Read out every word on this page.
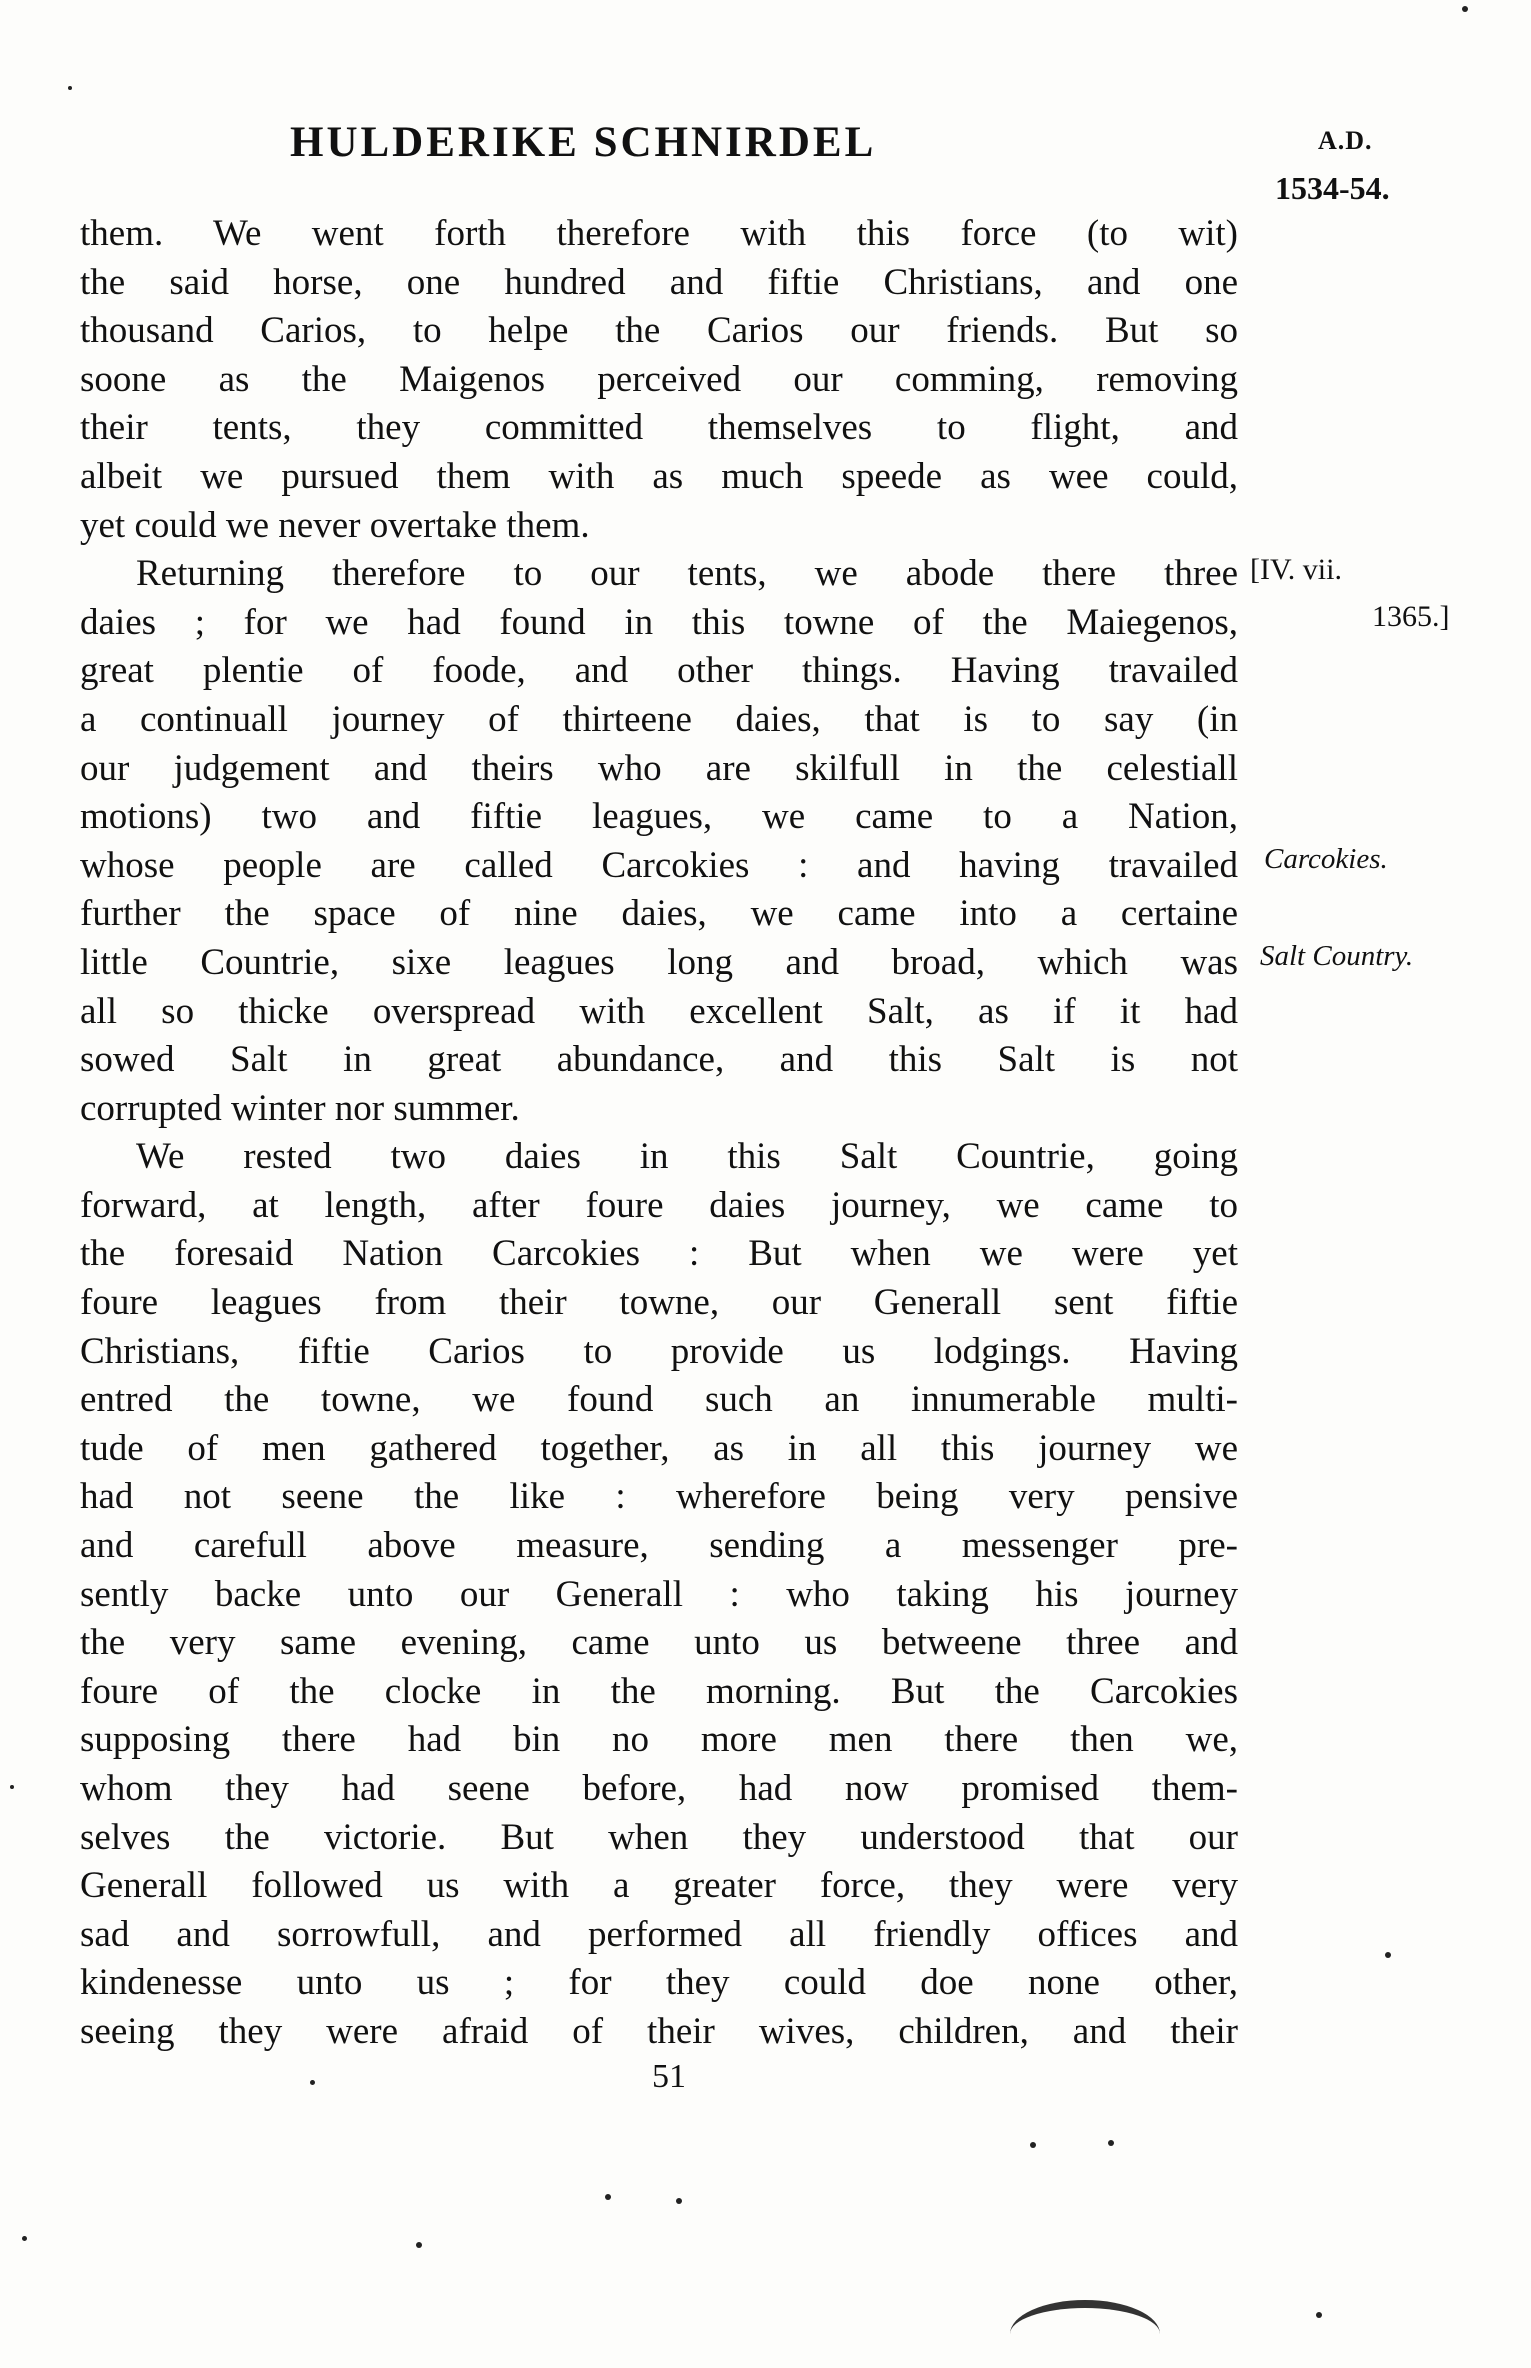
HULDERIKE SCHNIRDEL	A.D.
1534-54.
them. We went forth therefore with this force (to wit)
the said horse, one hundred and fiftie Christians, and one
thousand Carios, to helpe the Carios our friends. But so
soone as the Maigenos perceived our comming, removing
their tents, they committed themselves to flight, and
albeit we pursued them with as much speede as wee could,
yet could we never overtake them.
Returning therefore to our tents, we abode there three
daies ; for we had found in this towne of the Maiegenos,
great plentie of foode, and other things. Having travailed
a continuall journey of thirteene daies, that is to say (in
our judgement and theirs who are skilfull in the celestiall
motions) two and fiftie leagues, we came to a Nation,
whose people are called Carcokies : and having travailed
further the space of nine daies, we came into a certaine
little Countrie, sixe leagues long and broad, which was
all so thicke overspread with excellent Salt, as if it had
sowed Salt in great abundance, and this Salt is not
corrupted winter nor summer.
We rested two daies in this Salt Countrie, going
forward, at length, after foure daies journey, we came to
the foresaid Nation Carcokies : But when we were yet
foure leagues from their towne, our Generall sent fiftie
Christians, fiftie Carios to provide us lodgings. Having
entred the towne, we found such an innumerable multi-
tude of men gathered together, as in all this journey we
had not seene the like : wherefore being very pensive
and carefull above measure, sending a messenger pre-
sently backe unto our Generall : who taking his journey
the very same evening, came unto us betweene three and
foure of the clocke in the morning. But the Carcokies
supposing there had bin no more men there then we,
whom they had seene before, had now promised them-
selves the victorie. But when they understood that our
Generall followed us with a greater force, they were very
sad and sorrowfull, and performed all friendly offices and
kindenesse unto us ; for they could doe none other,
seeing they were afraid of their wives, children, and their
[IV. vii.
1365.]
Carcokies.
Salt Country.
51
